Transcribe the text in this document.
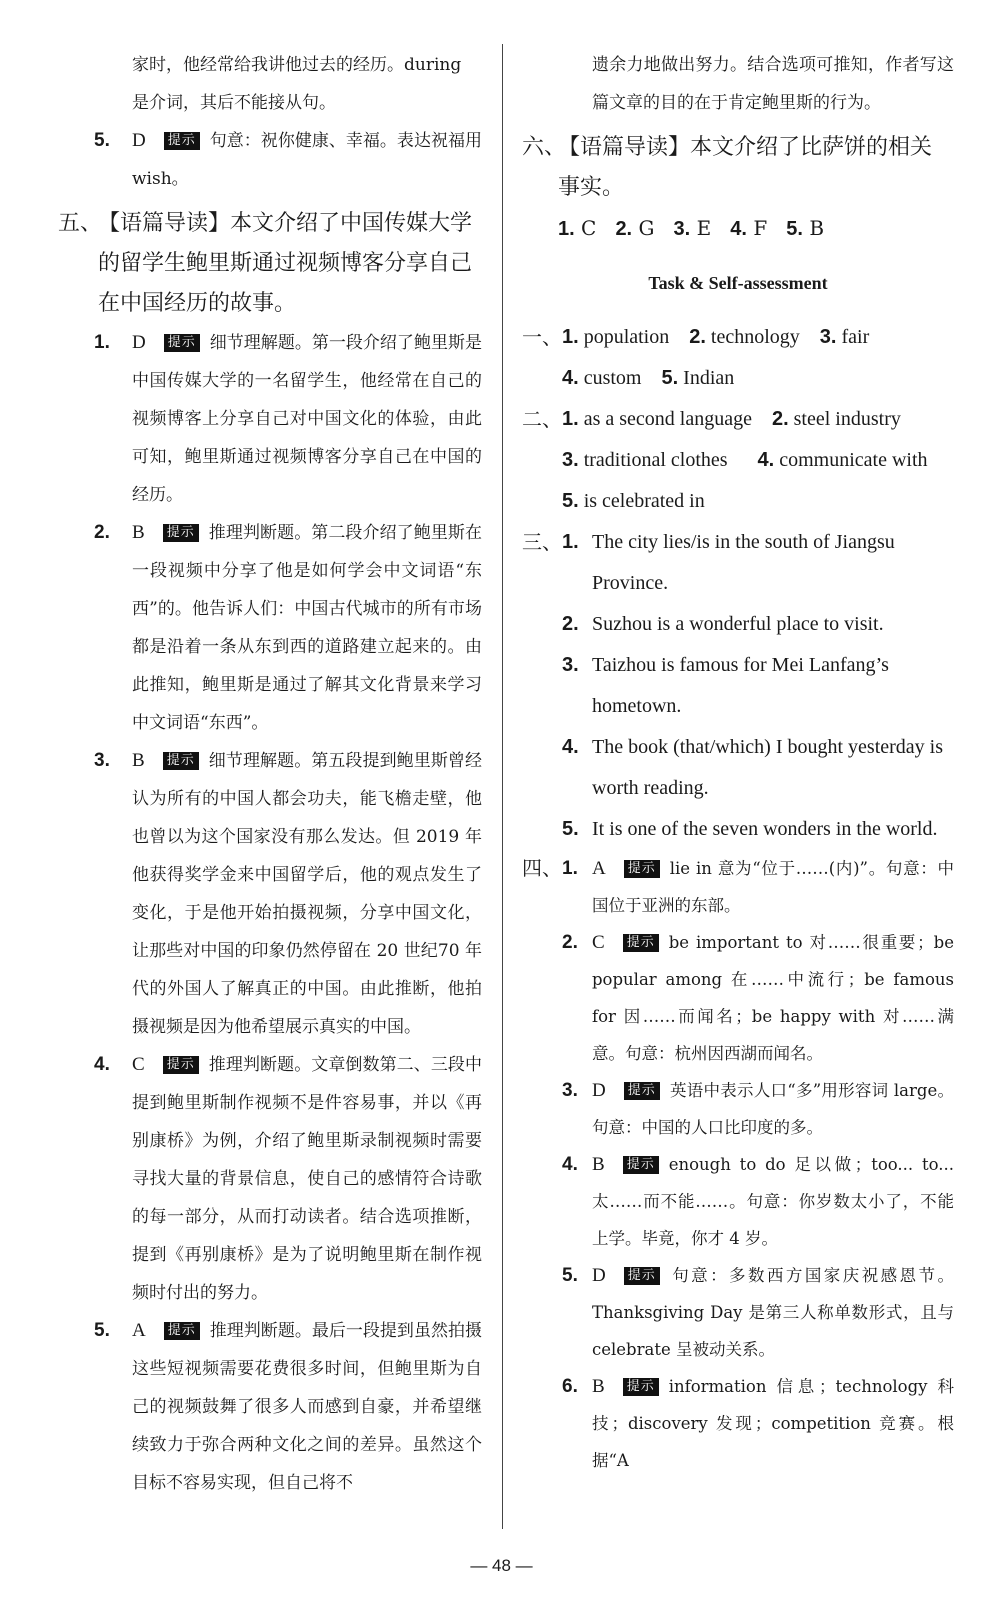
家时，他经常给我讲他过去的经历。during

是介词，其后不能接从句。

5. D 提示 句意：祝你健康、幸福。表达祝福用 wish。
五、
【语篇导读】本文介绍了中国传媒大学的留学生鲍里斯通过视频博客分享自己在中国经历的故事。
1. D 提示 细节理解题。第一段介绍了鲍里斯是中国传媒大学的一名留学生，他经常在自己的视频博客上分享自己对中国文化的体验，由此可知，鲍里斯通过视频博客分享自己在中国的经历。
2. B 提示 推理判断题。第二段介绍了鲍里斯在一段视频中分享了他是如何学会中文词语“东西”的。他告诉人们：中国古代城市的所有市场都是沿着一条从东到西的道路建立起来的。由此推知，鲍里斯是通过了解其文化背景来学习中文词语“东西”。
3. B 提示 细节理解题。第五段提到鲍里斯曾经认为所有的中国人都会功夫，能飞檐走壁，他也曾以为这个国家没有那么发达。但 2019 年他获得奖学金来中国留学后，他的观点发生了变化，于是他开始拍摄视频，分享中国文化，让那些对中国的印象仍然停留在 20 世纪70 年代的外国人了解真正的中国。由此推断，他拍摄视频是因为他希望展示真实的中国。
4. C 提示 推理判断题。文章倒数第二、三段中提到鲍里斯制作视频不是件容易事，并以《再别康桥》为例，介绍了鲍里斯录制视频时需要寻找大量的背景信息，使自己的感情符合诗歌的每一部分，从而打动读者。结合选项推断，提到《再别康桥》是为了说明鲍里斯在制作视频时付出的努力。
5. A 提示 推理判断题。最后一段提到虽然拍摄这些短视频需要花费很多时间，但鲍里斯为自己的视频鼓舞了很多人而感到自豪，并希望继续致力于弥合两种文化之间的差异。虽然这个目标不容易实现，但自己将不

遗余力地做出努力。结合选项可推知，作者写这篇文章的目的在于肯定鲍里斯的行为。

六、
【语篇导读】本文介绍了比萨饼的相关事实。
1. C 2. G 3. E 4. F 5. B
Task & Self-assessment
一、 1. population 2. technology 3. fair
4. custom 5. Indian
二、 1. as a second language 2. steel industry
3. traditional clothes 4. communicate with    5. is celebrated in
三、 1. The city lies/is in the south of Jiangsu Province.
2. Suzhou is a wonderful place to visit.
3. Taizhou is famous for Mei Lanfang’s hometown.
4. The book (that/which) I bought yesterday is worth reading.
5. It is one of the seven wonders in the world.
四、 1. A 提示 lie in 意为“位于……(内)”。句意：中国位于亚洲的东部。
2. C 提示 be important to 对……很重要；be popular among 在……中流行；be famous for 因……而闻名；be happy with 对……满意。句意：杭州因西湖而闻名。
3. D 提示 英语中表示人口“多”用形容词 large。句意：中国的人口比印度的多。
4. B 提示 enough to do 足以做；too... to... 太……而不能……。句意：你岁数太小了，不能上学。毕竟，你才 4 岁。
5. D 提示 句意：多数西方国家庆祝感恩节。Thanksgiving Day 是第三人称单数形式，且与 celebrate 呈被动关系。
6. B 提示 information 信息；technology 科技；discovery 发现；competition 竞赛。根据“A
— 48 —
